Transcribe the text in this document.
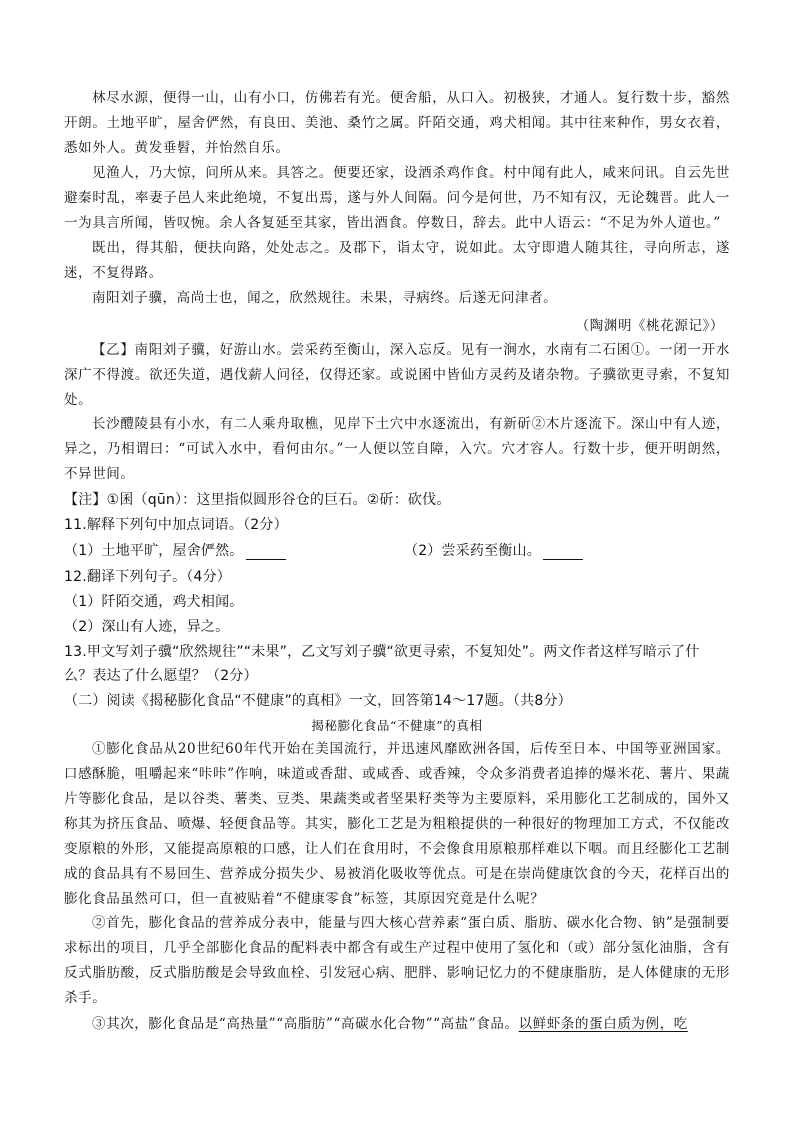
林尽水源，便得一山，山有小口，仿佛若有光。便舍船，从口入。初极狭，才通人。复行数十步，豁然开朗。土地平旷，屋舍俨然，有良田、美池、桑竹之属。阡陌交通，鸡犬相闻。其中往来种作，男女衣着，悉如外人。黄发垂髫，并怡然自乐。

见渔人，乃大惊，问所从来。具答之。便要还家，设酒杀鸡作食。村中闻有此人，咸来问讯。自云先世避秦时乱，率妻子邑人来此绝境，不复出焉，遂与外人间隔。问今是何世，乃不知有汉，无论魏晋。此人一一为具言所闻，皆叹惋。余人各复延至其家，皆出酒食。停数日，辞去。此中人语云：“不足为外人道也。”

既出，得其船，便扶向路，处处志之。及郡下，诣太守，说如此。太守即遣人随其往，寻向所志，遂迷，不复得路。

南阳刘子骥，高尚士也，闻之，欣然规往。未果，寻病终。后遂无问津者。

（陶渊明《桃花源记》）

【乙】南阳刘子骥，好游山水。尝采药至衡山，深入忘反。见有一涧水，水南有二石囷①。一闭一开水深广不得渡。欲还失道，遇伐薪人问径，仅得还家。或说囷中皆仙方灵药及诸杂物。子骥欲更寻索，不复知处。

长沙醴陵县有小水，有二人乘舟取樵，见岸下土穴中水逐流出，有新斫②木片逐流下。深山中有人迹，异之，乃相谓曰：“可试入水中，看何由尔。”一人便以笠自障，入穴。穴才容人。行数十步，便开明朗然，不异世间。

【注】①囷（qūn）：这里指似圆形谷仓的巨石。②斫：砍伐。
11.解释下列句中加点词语。（2分）
（1）土地平旷，屋舍俨然。	（2）尝采药至衡山。
12.翻译下列句子。（4分）
（1）阡陌交通，鸡犬相闻。
（2）深山有人迹，异之。
13.甲文写刘子骥“欣然规往”“未果”，乙文写刘子骥“欲更寻索，不复知处”。两文作者这样写暗示了什
么？表达了什么愿望？（2分）
（二）阅读《揭秘膨化食品“不健康”的真相》一文，回答第14～17题。（共8分）
揭秘膨化食品“不健康”的真相

①膨化食品从20世纪60年代开始在美国流行，并迅速风靡欧洲各国，后传至日本、中国等亚洲国家。口感酥脆，咀嚼起来“咔咔”作响，味道或香甜、或咸香、或香辣，令众多消费者追捧的爆米花、薯片、果蔬片等膨化食品，是以谷类、薯类、豆类、果蔬类或者坚果籽类等为主要原料，采用膨化工艺制成的，国外又称其为挤压食品、喷爆、轻便食品等。其实，膨化工艺是为粗粮提供的一种很好的物理加工方式，不仅能改变原粮的外形，又能提高原粮的口感，让人们在食用时，不会像食用原粮那样难以下咽。而且经膨化工艺制成的食品具有不易回生、营养成分损失少、易被消化吸收等优点。可是在崇尚健康饮食的今天，花样百出的膨化食品虽然可口，但一直被贴着“不健康零食”标签，其原因究竟是什么呢？

②首先，膨化食品的营养成分表中，能量与四大核心营养素“蛋白质、脂肪、碳水化合物、钠”是强制要求标出的项目，几乎全部膨化食品的配料表中都含有或生产过程中使用了氢化和（或）部分氢化油脂，含有反式脂肪酸，反式脂肪酸是会导致血栓、引发冠心病、肥胖、影响记忆力的不健康脂肪，是人体健康的无形杀手。

③其次，膨化食品是“高热量”“高脂肪”“高碳水化合物”“高盐”食品。以鲜虾条的蛋白质为例，吃
